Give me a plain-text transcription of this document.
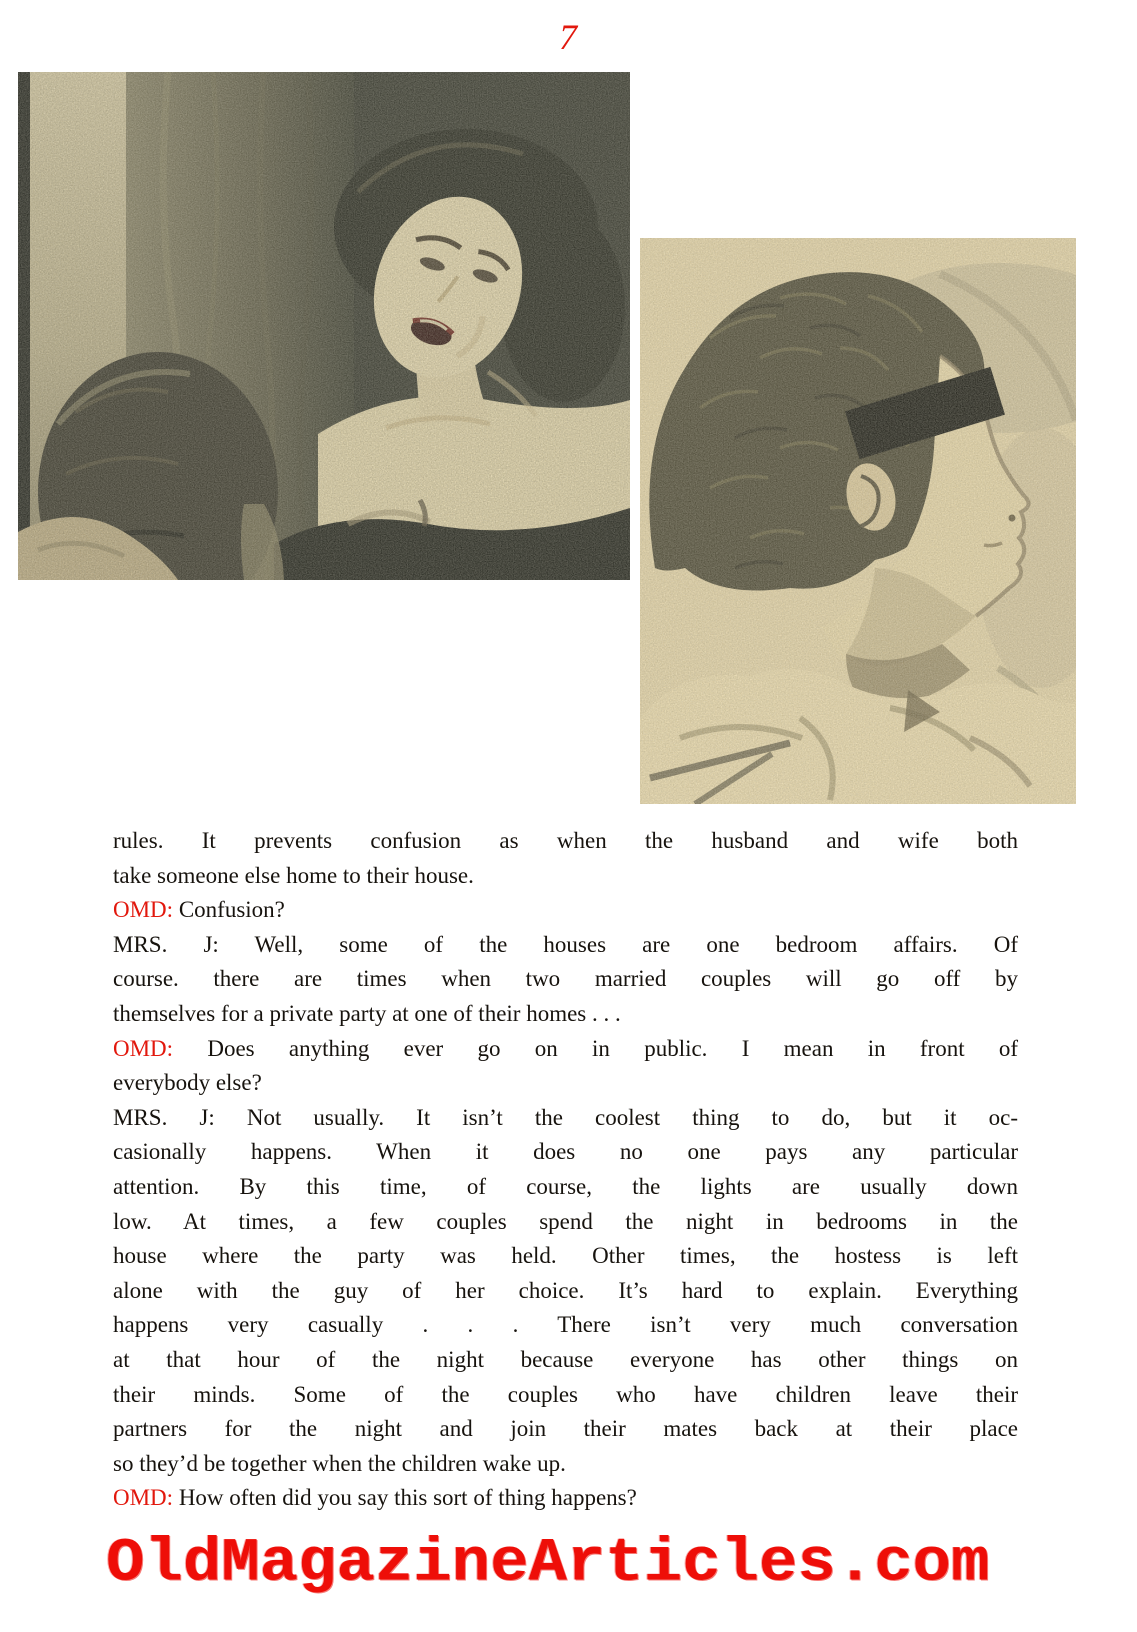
7
rules. It prevents confusion as when the husband and wife both
take someone else home to their house.
OMD: Confusion?
MRS. J: Well, some of the houses are one bedroom affairs. Of
course. there are times when two married couples will go off by
themselves for a private party at one of their homes . . .
OMD: Does anything ever go on in public. I mean in front of
everybody else?
MRS. J: Not usually. It isn’t the coolest thing to do, but it oc-
casionally happens. When it does no one pays any particular
attention. By this time, of course, the lights are usually down
low. At times, a few couples spend the night in bedrooms in the
house where the party was held. Other times, the hostess is left
alone with the guy of her choice. It’s hard to explain. Everything
happens very casually . . . There isn’t very much conversation
at that hour of the night because everyone has other things on
their minds. Some of the couples who have children leave their
partners for the night and join their mates back at their place
so they’d be together when the children wake up.
OMD: How often did you say this sort of thing happens?
OldMagazineArticles.com
